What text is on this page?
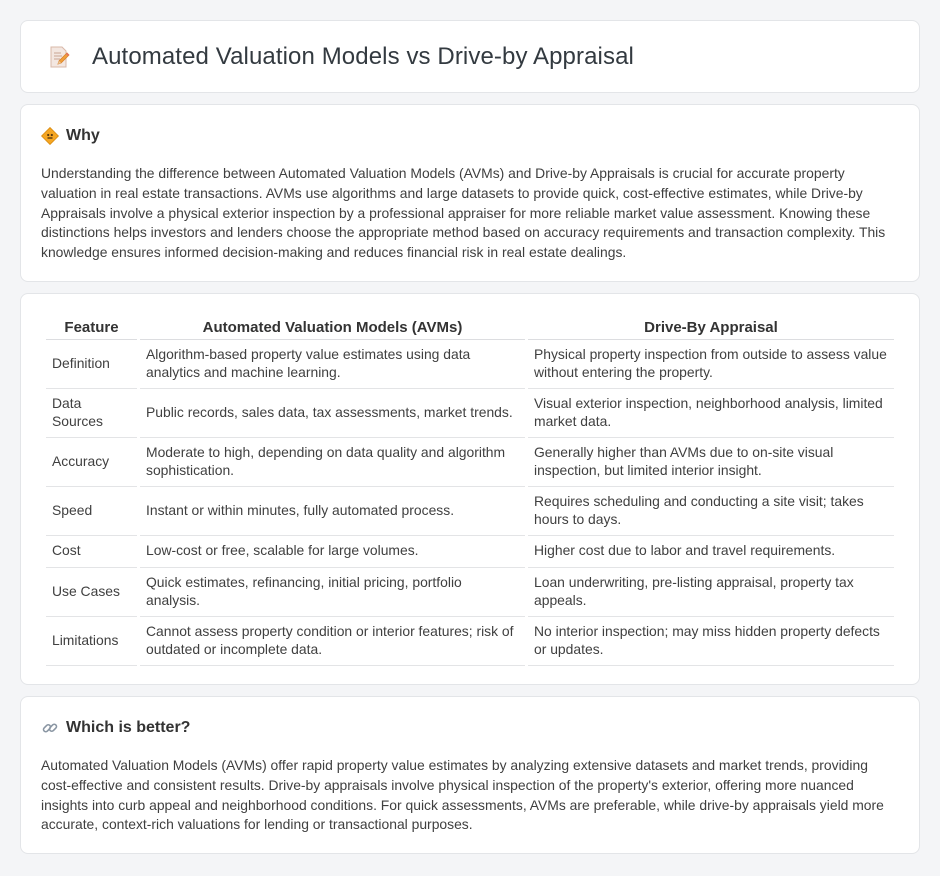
Automated Valuation Models vs Drive-by Appraisal
Why

Understanding the difference between Automated Valuation Models (AVMs) and Drive-by Appraisals is crucial for accurate property valuation in real estate transactions. AVMs use algorithms and large datasets to provide quick, cost-effective estimates, while Drive-by Appraisals involve a physical exterior inspection by a professional appraiser for more reliable market value assessment. Knowing these distinctions helps investors and lenders choose the appropriate method based on accuracy requirements and transaction complexity. This knowledge ensures informed decision-making and reduces financial risk in real estate dealings.

Feature	Automated Valuation Models (AVMs)	Drive-By Appraisal
Definition	Algorithm-based property value estimates using data analytics and machine learning.	Physical property inspection from outside to assess value without entering the property.
Data Sources	Public records, sales data, tax assessments, market trends.	Visual exterior inspection, neighborhood analysis, limited market data.
Accuracy	Moderate to high, depending on data quality and algorithm sophistication.	Generally higher than AVMs due to on-site visual inspection, but limited interior insight.
Speed	Instant or within minutes, fully automated process.	Requires scheduling and conducting a site visit; takes hours to days.
Cost	Low-cost or free, scalable for large volumes.	Higher cost due to labor and travel requirements.
Use Cases	Quick estimates, refinancing, initial pricing, portfolio analysis.	Loan underwriting, pre-listing appraisal, property tax appeals.
Limitations	Cannot assess property condition or interior features; risk of outdated or incomplete data.	No interior inspection; may miss hidden property defects or updates.
Which is better?

Automated Valuation Models (AVMs) offer rapid property value estimates by analyzing extensive datasets and market trends, providing cost-effective and consistent results. Drive-by appraisals involve physical inspection of the property's exterior, offering more nuanced insights into curb appeal and neighborhood conditions. For quick assessments, AVMs are preferable, while drive-by appraisals yield more accurate, context-rich valuations for lending or transactional purposes.
